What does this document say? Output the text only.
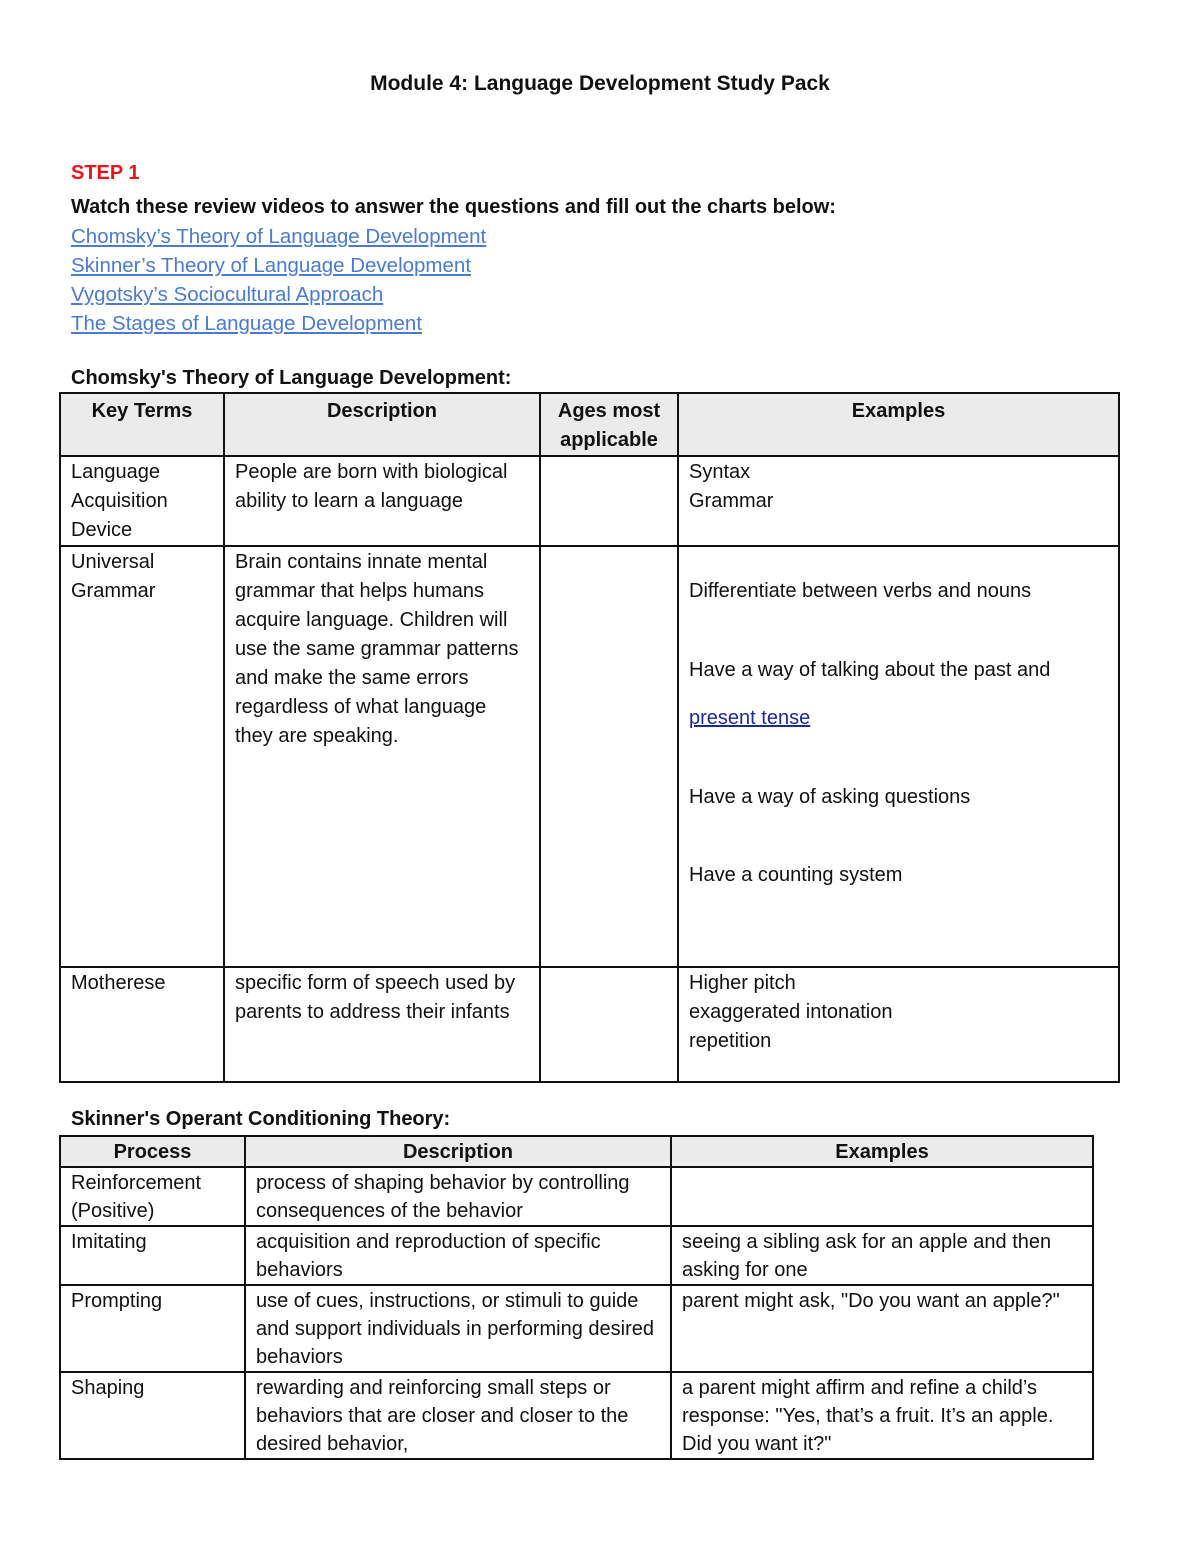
Module 4: Language Development Study Pack
STEP 1
Watch these review videos to answer the questions and fill out the charts below:
Chomsky’s Theory of Language Development
Skinner’s Theory of Language Development
Vygotsky’s Sociocultural Approach
The Stages of Language Development
Chomsky's Theory of Language Development:
Key Terms	Description	Ages most applicable	Examples
Language Acquisition Device	People are born with biological ability to learn a language		Syntax
Grammar

Universal Grammar	Brain contains innate mental grammar that helps humans acquire language. Children will use the same grammar patterns and make the same errors regardless of what language they are speaking.		Differentiate between verbs and nouns
Have a way of talking about the past and
present tense
Have a way of asking questions
Have a counting system

Motherese	specific form of speech used by parents to address their infants		Higher pitch
exaggerated intonation
repetition
Skinner's Operant Conditioning Theory:
Process	Description	Examples
Reinforcement (Positive)	process of shaping behavior by controlling consequences of the behavior	
Imitating	acquisition and reproduction of specific behaviors	seeing a sibling ask for an apple and then asking for one
Prompting	use of cues, instructions, or stimuli to guide and support individuals in performing desired behaviors	parent might ask, "Do you want an apple?"
Shaping	rewarding and reinforcing small steps or behaviors that are closer and closer to the desired behavior,	a parent might affirm and refine a child’s response: "Yes, that’s a fruit. It’s an apple. Did you want it?"
